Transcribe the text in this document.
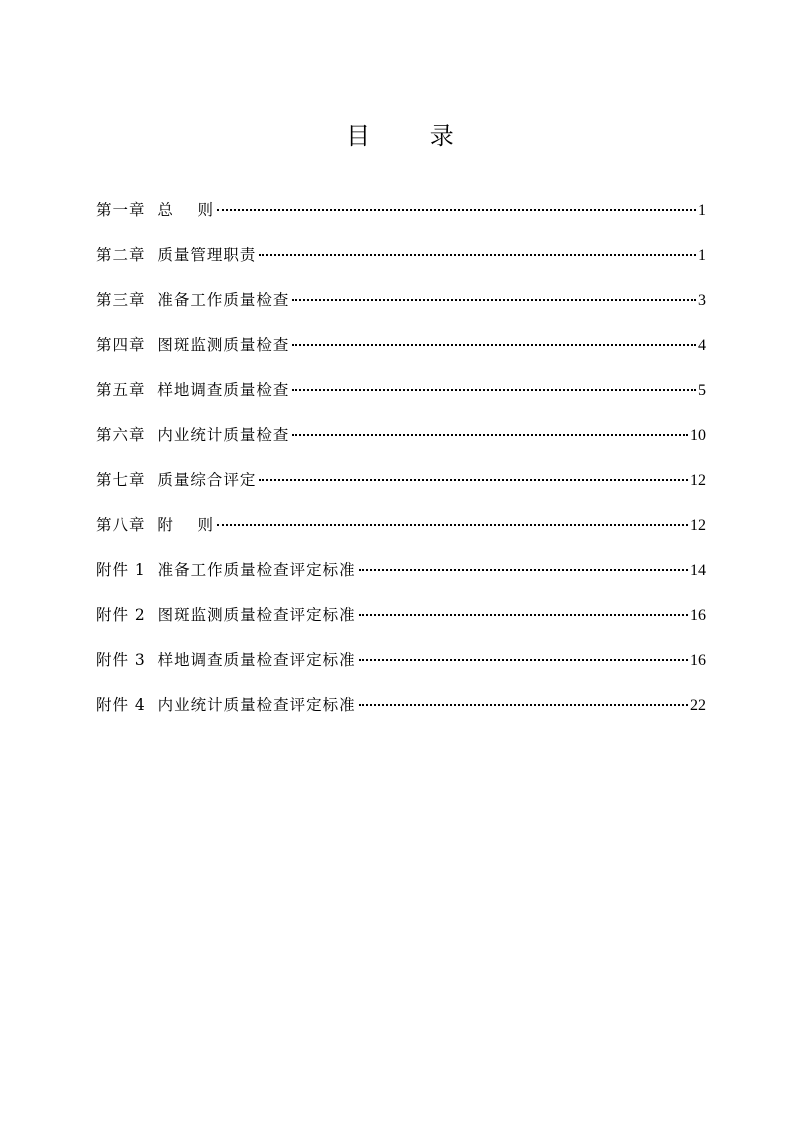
目 录
第一章  总    则	1
第二章  质量管理职责	1
第三章  准备工作质量检查	3
第四章  图斑监测质量检查	4
第五章  样地调查质量检查	5
第六章  内业统计质量检查	10
第七章  质量综合评定	12
第八章  附    则	12
附件 1  准备工作质量检查评定标准	14
附件 2  图斑监测质量检查评定标准	16
附件 3  样地调查质量检查评定标准	16
附件 4  内业统计质量检查评定标准	22
